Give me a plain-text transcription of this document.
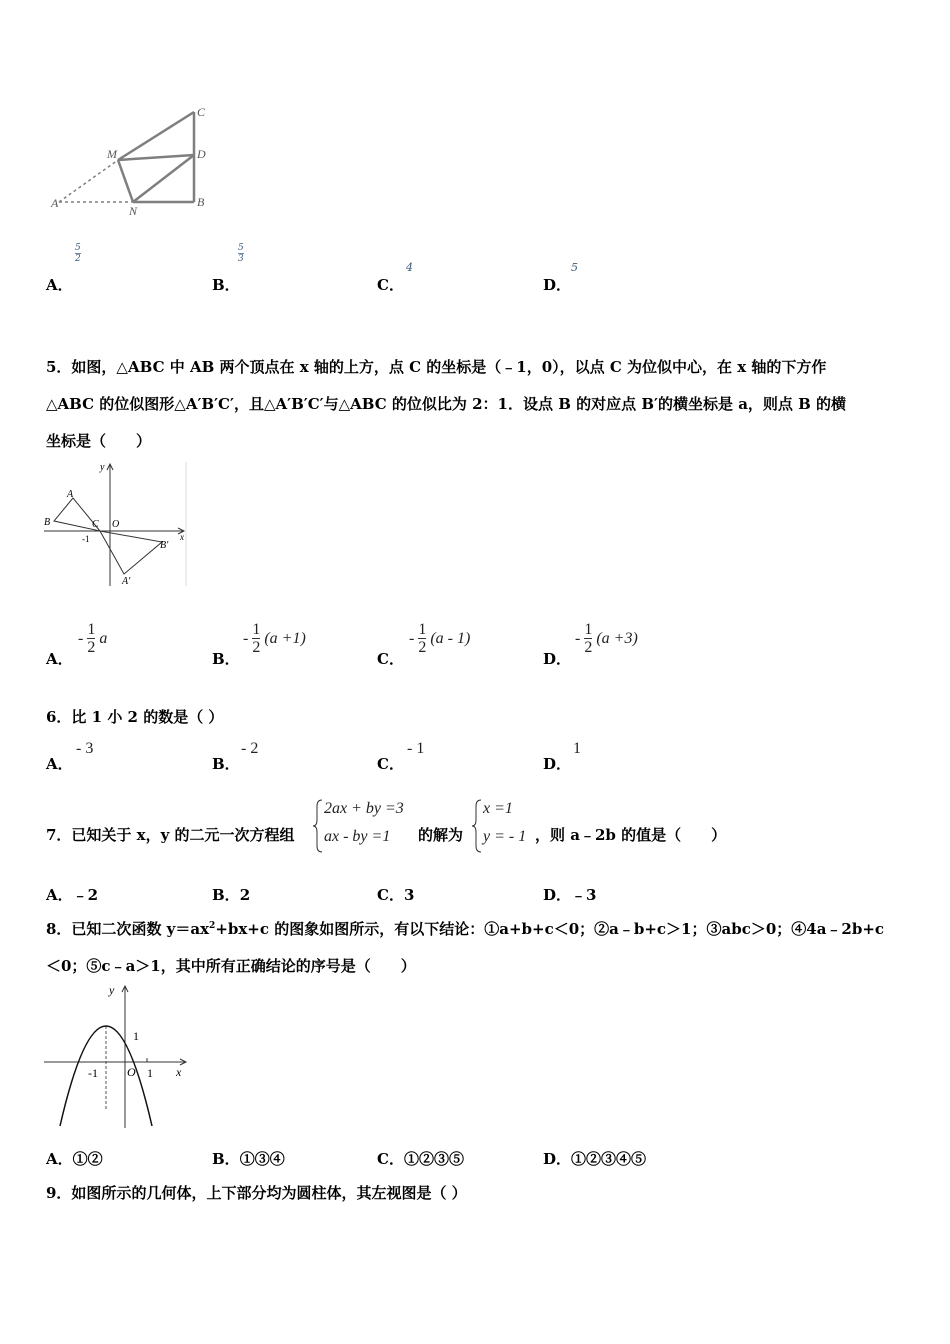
C
M	D
A
N
B
A．
$\frac{5}{2}$
B．
$\frac{5}{3}$
C．
4
D．
5
5．如图，△ABC 中 AB 两个顶点在 x 轴的上方，点 C 的坐标是（﹣1，0），以点 C 为位似中心，在 x 轴的下方作
△ABC 的位似图形△A′B′C′，且△A′B′C′与△ABC 的位似比为 2：1．设点 B 的对应点 B′的横坐标是 a，则点 B 的横
坐标是（　　）
y
A
B	C O
-1	x
B′
A′
A．
- $\frac{1}{2}$ a
B．
- $\frac{1}{2} (a +1)$
C．
- $\frac{1}{2} (a - 1)$
D．
- $\frac{1}{2} (a +3)$
6．比 1 小 2 的数是（ ）
A．
- 3
B．
- 2
C．
- 1
D．
1
7．已知关于 x，y 的二元一次方程组
2ax + by =3
ax - by =1 的解为
x =1
y = - 1 ，则 a﹣2b 的值是（　　）
A．﹣2	B．2	C．3	D．﹣3
8．已知二次函数 $y=ax^2+bx+c$ 的图象如图所示，有以下结论：①a+b+c＜0；②a﹣b+c＞1；③abc＞0；④4a﹣2b+c
＜0；⑤c﹣a＞1，其中所有正确结论的序号是（　　）
y
1
-1 O 1 x
A．①②	B．①③④	C．①②③⑤	D．①②③④⑤
9．如图所示的几何体，上下部分均为圆柱体，其左视图是（ ）
